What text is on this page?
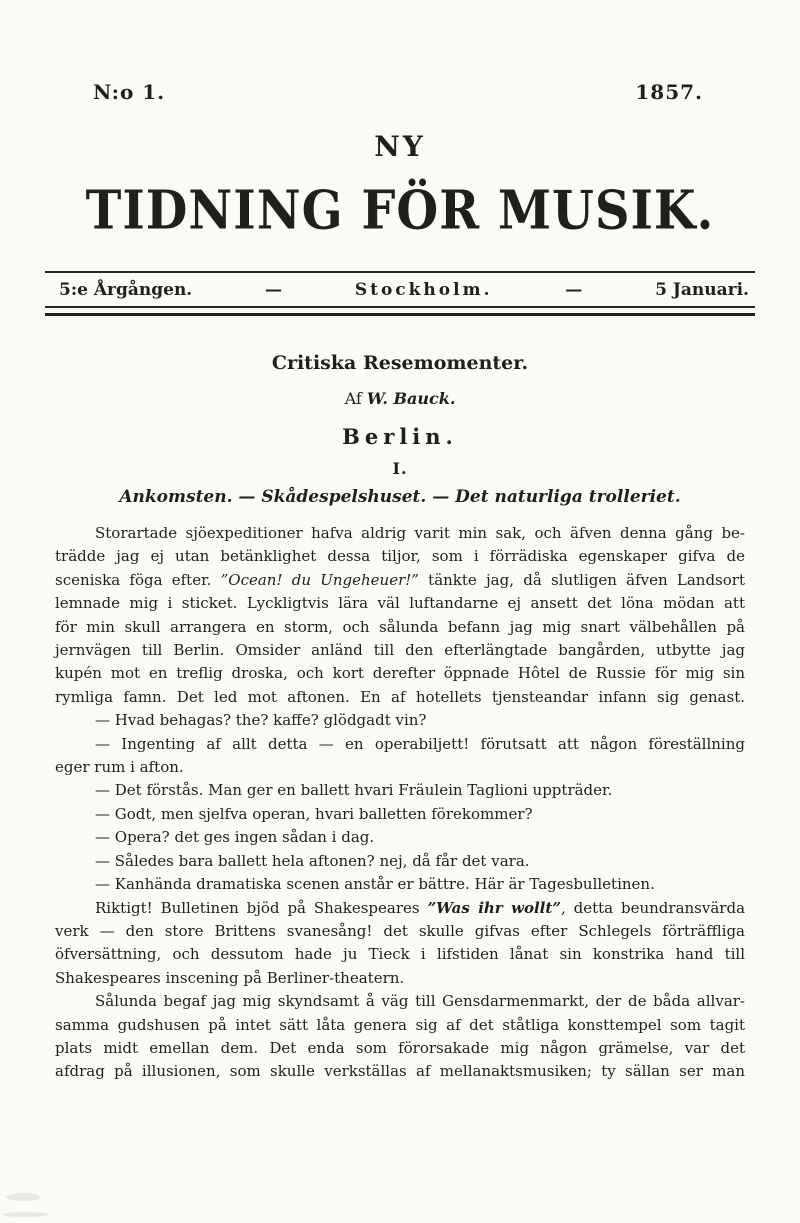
N:o 1.	1857.
NY
TIDNING FÖR MUSIK.
5:e Årgången.	—	Stockholm.	—	5 Januari.
Critiska Resemomenter.
Af W. Bauck.
Berlin.
I.
Ankomsten. — Skådespelshuset. — Det naturliga trolleriet.
Storartade sjöexpeditioner hafva aldrig varit min sak, och äfven denna gång be-
trädde jag ej utan betänklighet dessa tiljor, som i förrädiska egenskaper gifva de
sceniska föga efter. ”Ocean! du Ungeheuer!” tänkte jag, då slutligen äfven Landsort
lemnade mig i sticket. Lyckligtvis lära väl luftandarne ej ansett det löna mödan att
för min skull arrangera en storm, och sålunda befann jag mig snart välbehållen på
jernvägen till Berlin. Omsider anländ till den efterlängtade bangården, utbytte jag
kupén mot en treflig droska, och kort derefter öppnade Hôtel de Russie för mig sin
rymliga famn. Det led mot aftonen. En af hotellets tjensteandar infann sig genast.
— Hvad behagas? the? kaffe? glödgadt vin?
— Ingenting af allt detta — en operabiljett! förutsatt att någon föreställning
eger rum i afton.
— Det förstås. Man ger en ballett hvari Fräulein Taglioni uppträder.
— Godt, men sjelfva operan, hvari balletten förekommer?
— Opera? det ges ingen sådan i dag.
— Således bara ballett hela aftonen? nej, då får det vara.
— Kanhända dramatiska scenen anstår er bättre. Här är Tagesbulletinen.
Riktigt! Bulletinen bjöd på Shakespeares ”Was ihr wollt”, detta beundransvärda
verk — den store Brittens svanesång! det skulle gifvas efter Schlegels förträffliga
öfversättning, och dessutom hade ju Tieck i lifstiden lånat sin konstrika hand till
Shakespeares inscening på Berliner-theatern.
Sålunda begaf jag mig skyndsamt å väg till Gensdarmenmarkt, der de båda allvar-
samma gudshusen på intet sätt låta genera sig af det ståtliga konsttempel som tagit
plats midt emellan dem. Det enda som förorsakade mig någon grämelse, var det
afdrag på illusionen, som skulle verkställas af mellanaktsmusiken; ty sällan ser man
